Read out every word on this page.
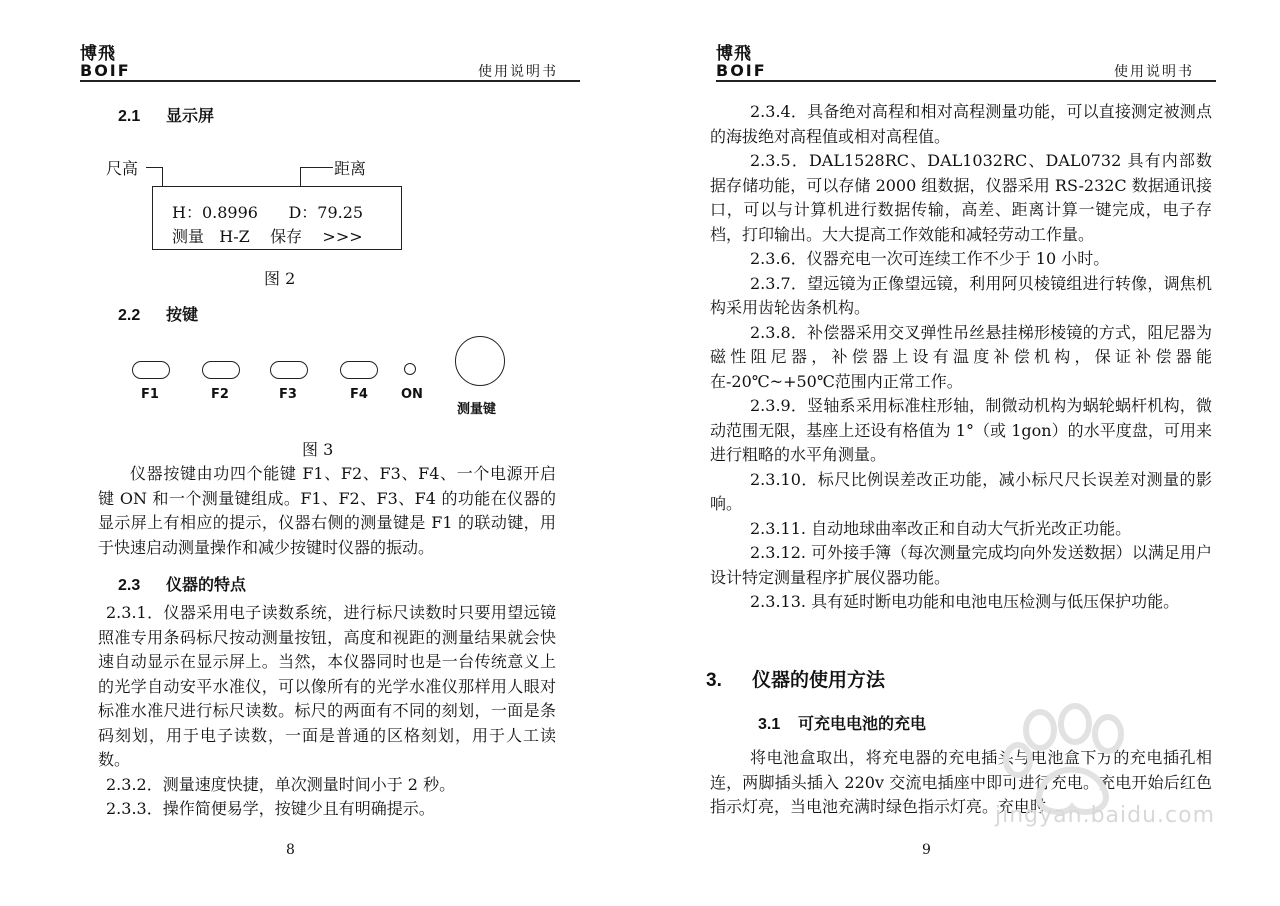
博飛
BOIF	使用说明书
2.1 显示屏
尺高	距离
H：0.8996      D：79.25
测量   H-Z    保存    >>>
图 2
2.2 按键
F1	F2	F3	F4	ON
测量键
图 3
仪器按键由功四个能键 F1、F2、F3、F4、一个电源开启键 ON 和一个测量键组成。F1、F2、F3、F4 的功能在仪器的显示屏上有相应的提示，仪器右侧的测量键是 F1 的联动键，用于快速启动测量操作和减少按键时仪器的振动。
2.3 仪器的特点

2.3.1．仪器采用电子读数系统，进行标尺读数时只要用望远镜照准专用条码标尺按动测量按钮，高度和视距的测量结果就会快速自动显示在显示屏上。当然，本仪器同时也是一台传统意义上的光学自动安平水准仪，可以像所有的光学水准仪那样用人眼对标准水准尺进行标尺读数。标尺的两面有不同的刻划，一面是条码刻划，用于电子读数，一面是普通的区格刻划，用于人工读数。

2.3.2．测量速度快捷，单次测量时间小于 2 秒。

2.3.3．操作简便易学，按键少且有明确提示。

8
博飛
BOIF	使用说明书

2.3.4．具备绝对高程和相对高程测量功能，可以直接测定被测点的海拔绝对高程值或相对高程值。

2.3.5．DAL1528RC、DAL1032RC、DAL0732 具有内部数据存储功能，可以存储 2000 组数据，仪器采用 RS-232C 数据通讯接口，可以与计算机进行数据传输，高差、距离计算一键完成，电子存档，打印输出。大大提高工作效能和减轻劳动工作量。

2.3.6．仪器充电一次可连续工作不少于 10 小时。

2.3.7．望远镜为正像望远镜，利用阿贝棱镜组进行转像，调焦机构采用齿轮齿条机构。

2.3.8．补偿器采用交叉弹性吊丝悬挂梯形棱镜的方式，阻尼器为磁性阻尼器，补偿器上设有温度补偿机构，保证补偿器能在-20℃~+50℃范围内正常工作。

2.3.9．竖轴系采用标准柱形轴，制微动机构为蜗轮蜗杆机构，微动范围无限，基座上还设有格值为 1°（或 1gon）的水平度盘，可用来进行粗略的水平角测量。

2.3.10．标尺比例误差改正功能，减小标尺尺长误差对测量的影响。

2.3.11. 自动地球曲率改正和自动大气折光改正功能。

2.3.12. 可外接手簿（每次测量完成均向外发送数据）以满足用户设计特定测量程序扩展仪器功能。

2.3.13. 具有延时断电功能和电池电压检测与低压保护功能。

3. 仪器的使用方法
3.1 可充电电池的充电
将电池盒取出，将充电器的充电插头与电池盒下方的充电插孔相连，两脚插头插入 220v 交流电插座中即可进行充电。充电开始后红色指示灯亮，当电池充满时绿色指示灯亮。充电时
9
jingyan.baidu.com
